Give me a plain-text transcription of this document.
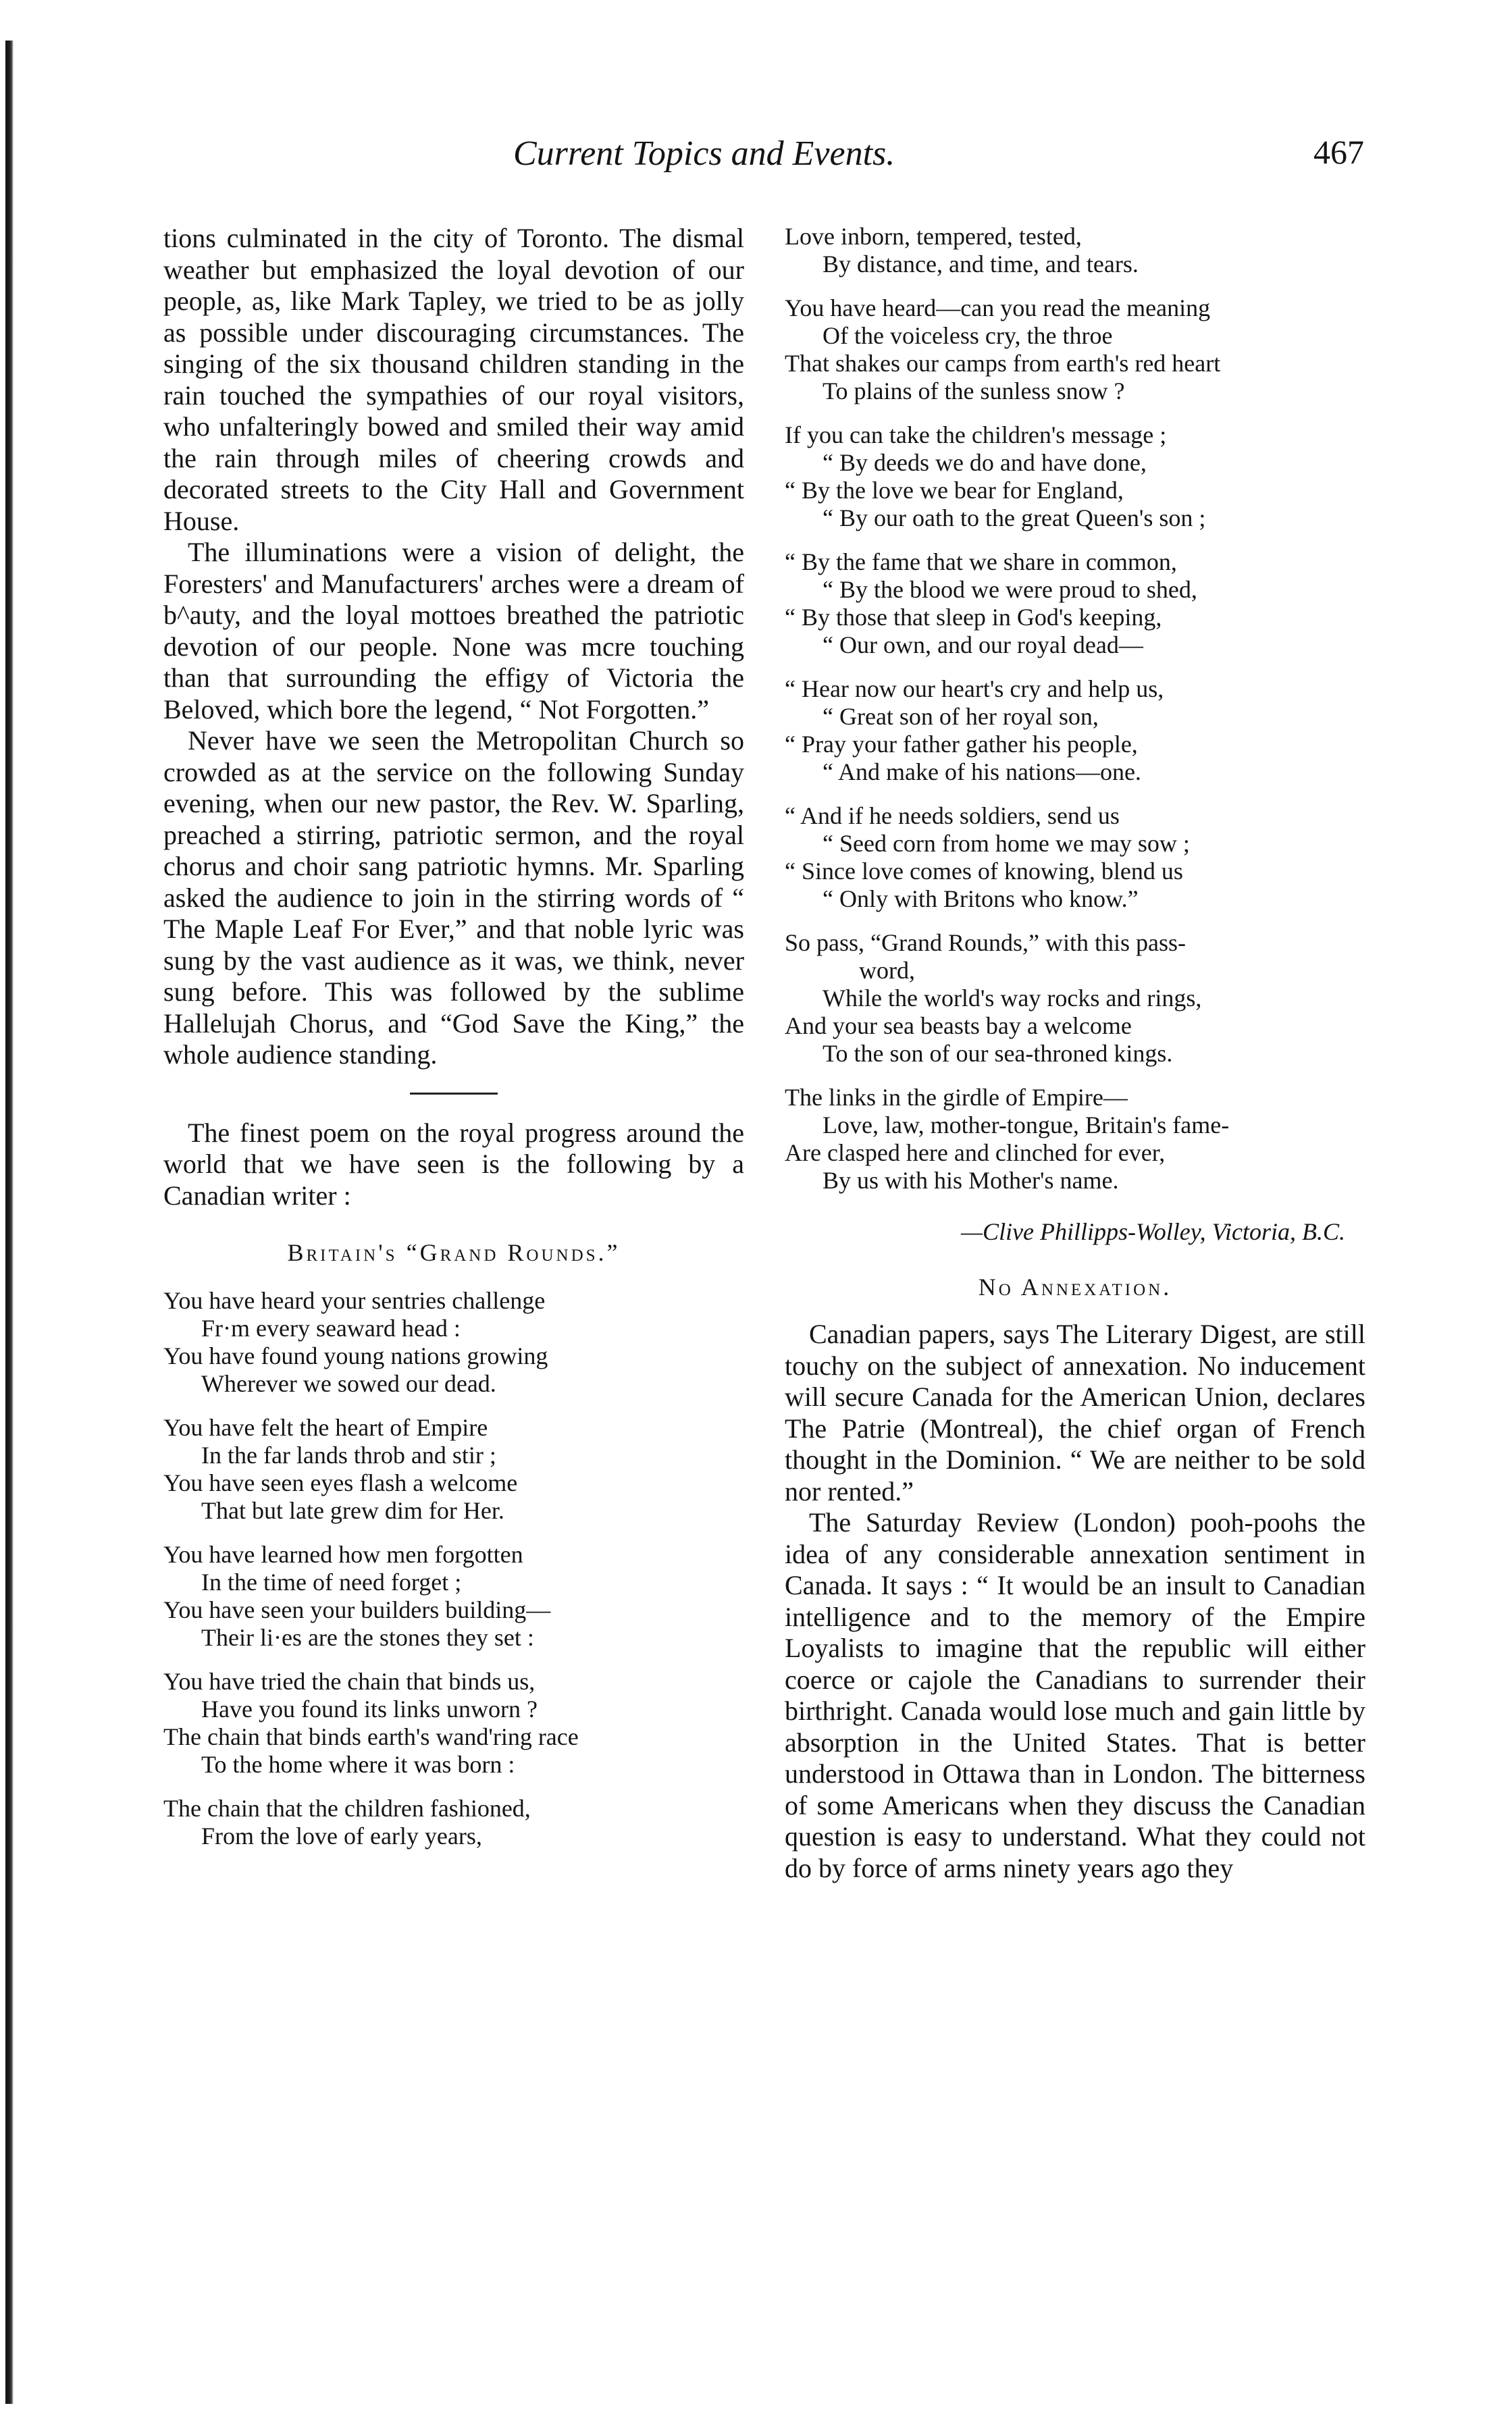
Current Topics and Events.	467

tions culminated in the city of Toronto. The dismal weather but emphasized the loyal devotion of our people, as, like Mark Tapley, we tried to be as jolly as possible under discouraging circumstances. The singing of the six thousand children standing in the rain touched the sympathies of our royal visitors, who unfalteringly bowed and smiled their way amid the rain through miles of cheering crowds and decorated streets to the City Hall and Government House.

The illuminations were a vision of delight, the Foresters' and Manufacturers' arches were a dream of b^auty, and the loyal mottoes breathed the patriotic devotion of our people. None was mcre touching than that surrounding the effigy of Victoria the Beloved, which bore the legend, “ Not Forgotten.”

Never have we seen the Metropolitan Church so crowded as at the service on the following Sunday evening, when our new pastor, the Rev. W. Sparling, preached a stirring, patriotic sermon, and the royal chorus and choir sang patriotic hymns. Mr. Sparling asked the audience to join in the stirring words of “ The Maple Leaf For Ever,” and that noble lyric was sung by the vast audience as it was, we think, never sung before. This was followed by the sublime Hallelujah Chorus, and “God Save the King,” the whole audience standing.

The finest poem on the royal progress around the world that we have seen is the following by a Canadian writer :

Britain's “Grand Rounds.”
You have heard your sentries challenge
Fr·m every seaward head :
You have found young nations growing
Wherever we sowed our dead.
You have felt the heart of Empire
In the far lands throb and stir ;
You have seen eyes flash a welcome
That but late grew dim for Her.
You have learned how men forgotten
In the time of need forget ;
You have seen your builders building—
Their li·es are the stones they set :
You have tried the chain that binds us,
Have you found its links unworn ?
The chain that binds earth's wand'ring race
To the home where it was born :
The chain that the children fashioned,
From the love of early years,
Love inborn, tempered, tested,
By distance, and time, and tears.
You have heard—can you read the meaning
Of the voiceless cry, the throe
That shakes our camps from earth's red heart
To plains of the sunless snow ?
If you can take the children's message ;
“ By deeds we do and have done,
“ By the love we bear for England,
“ By our oath to the great Queen's son ;
“ By the fame that we share in common,
“ By the blood we were proud to shed,
“ By those that sleep in God's keeping,
“ Our own, and our royal dead—
“ Hear now our heart's cry and help us,
“ Great son of her royal son,
“ Pray your father gather his people,
“ And make of his nations—one.
“ And if he needs soldiers, send us
“ Seed corn from home we may sow ;
“ Since love comes of knowing, blend us
“ Only with Britons who know.”
So pass, “Grand Rounds,” with this pass-
word,
While the world's way rocks and rings,
And your sea beasts bay a welcome
To the son of our sea-throned kings.
The links in the girdle of Empire—
Love, law, mother-tongue, Britain's fame-
Are clasped here and clinched for ever,
By us with his Mother's name.
—Clive Phillipps-Wolley, Victoria, B.C.
No Annexation.

Canadian papers, says The Literary Digest, are still touchy on the subject of annexation. No inducement will secure Canada for the American Union, declares The Patrie (Montreal), the chief organ of French thought in the Dominion. “ We are neither to be sold nor rented.”

The Saturday Review (London) pooh-poohs the idea of any considerable annexation sentiment in Canada. It says : “ It would be an insult to Canadian intelligence and to the memory of the Empire Loyalists to imagine that the republic will either coerce or cajole the Canadians to surrender their birthright. Canada would lose much and gain little by absorption in the United States. That is better understood in Ottawa than in London. The bitterness of some Americans when they discuss the Canadian question is easy to understand. What they could not do by force of arms ninety years ago they
